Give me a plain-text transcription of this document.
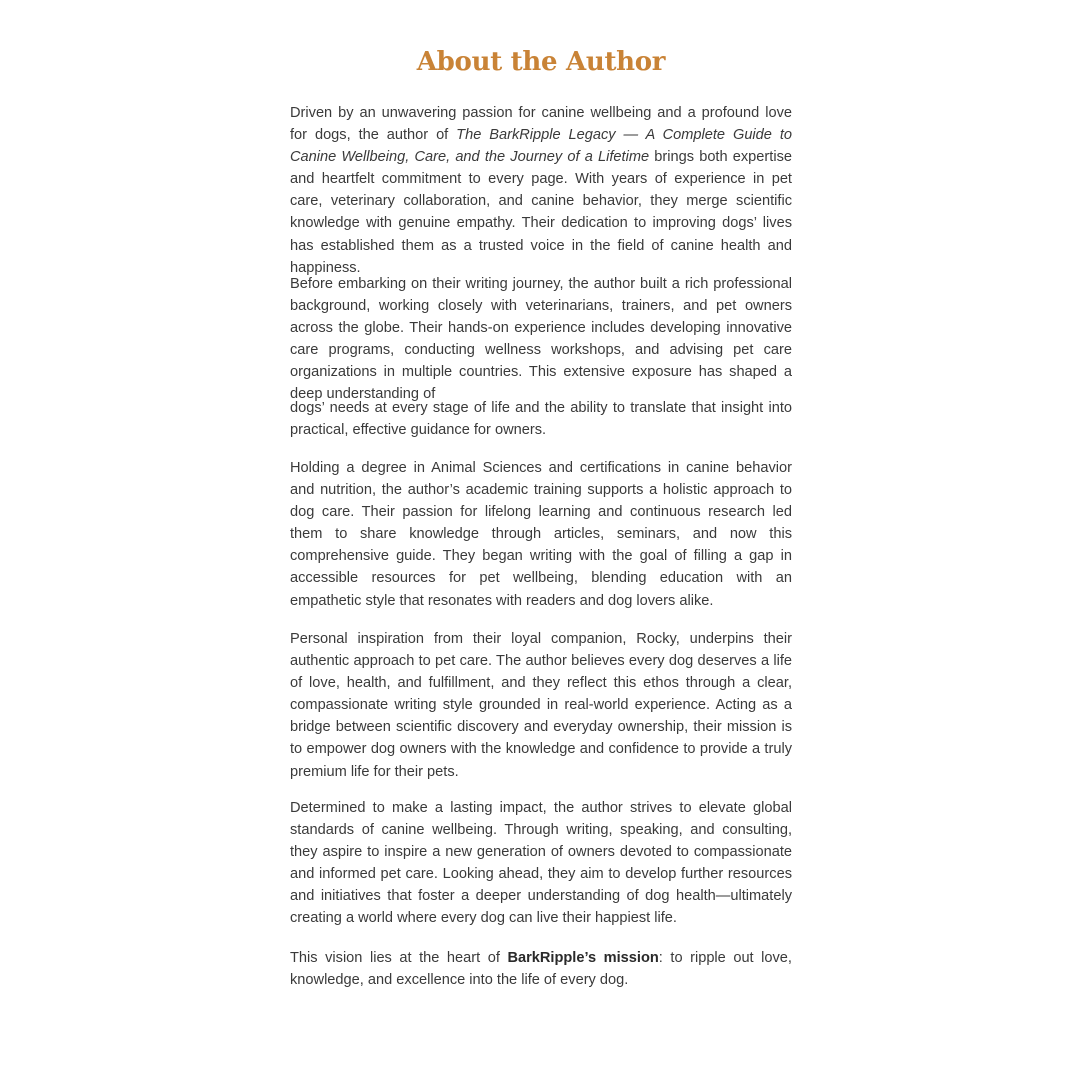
About the Author

Driven by an unwavering passion for canine wellbeing and a profound love for dogs, the author of The BarkRipple Legacy — A Complete Guide to Canine Wellbeing, Care, and the Journey of a Lifetime brings both expertise and heartfelt commitment to every page. With years of experience in pet care, veterinary collaboration, and canine behavior, they merge scientific knowledge with genuine empathy. Their dedication to improving dogs’ lives has established them as a trusted voice in the field of canine health and happiness.

Before embarking on their writing journey, the author built a rich professional background, working closely with veterinarians, trainers, and pet owners across the globe. Their hands-on experience includes developing innovative care programs, conducting wellness workshops, and advising pet care organizations in multiple countries. This extensive exposure has shaped a deep understanding of

dogs’ needs at every stage of life and the ability to translate that insight into practical, effective guidance for owners.

Holding a degree in Animal Sciences and certifications in canine behavior and nutrition, the author’s academic training supports a holistic approach to dog care. Their passion for lifelong learning and continuous research led them to share knowledge through articles, seminars, and now this comprehensive guide. They began writing with the goal of filling a gap in accessible resources for pet wellbeing, blending education with an empathetic style that resonates with readers and dog lovers alike.

Personal inspiration from their loyal companion, Rocky, underpins their authentic approach to pet care. The author believes every dog deserves a life of love, health, and fulfillment, and they reflect this ethos through a clear, compassionate writing style grounded in real-world experience. Acting as a bridge between scientific discovery and everyday ownership, their mission is to empower dog owners with the knowledge and confidence to provide a truly premium life for their pets.

Determined to make a lasting impact, the author strives to elevate global standards of canine wellbeing. Through writing, speaking, and consulting, they aspire to inspire a new generation of owners devoted to compassionate and informed pet care. Looking ahead, they aim to develop further resources and initiatives that foster a deeper understanding of dog health—ultimately creating a world where every dog can live their happiest life.

This vision lies at the heart of BarkRipple’s mission: to ripple out love, knowledge, and excellence into the life of every dog.
